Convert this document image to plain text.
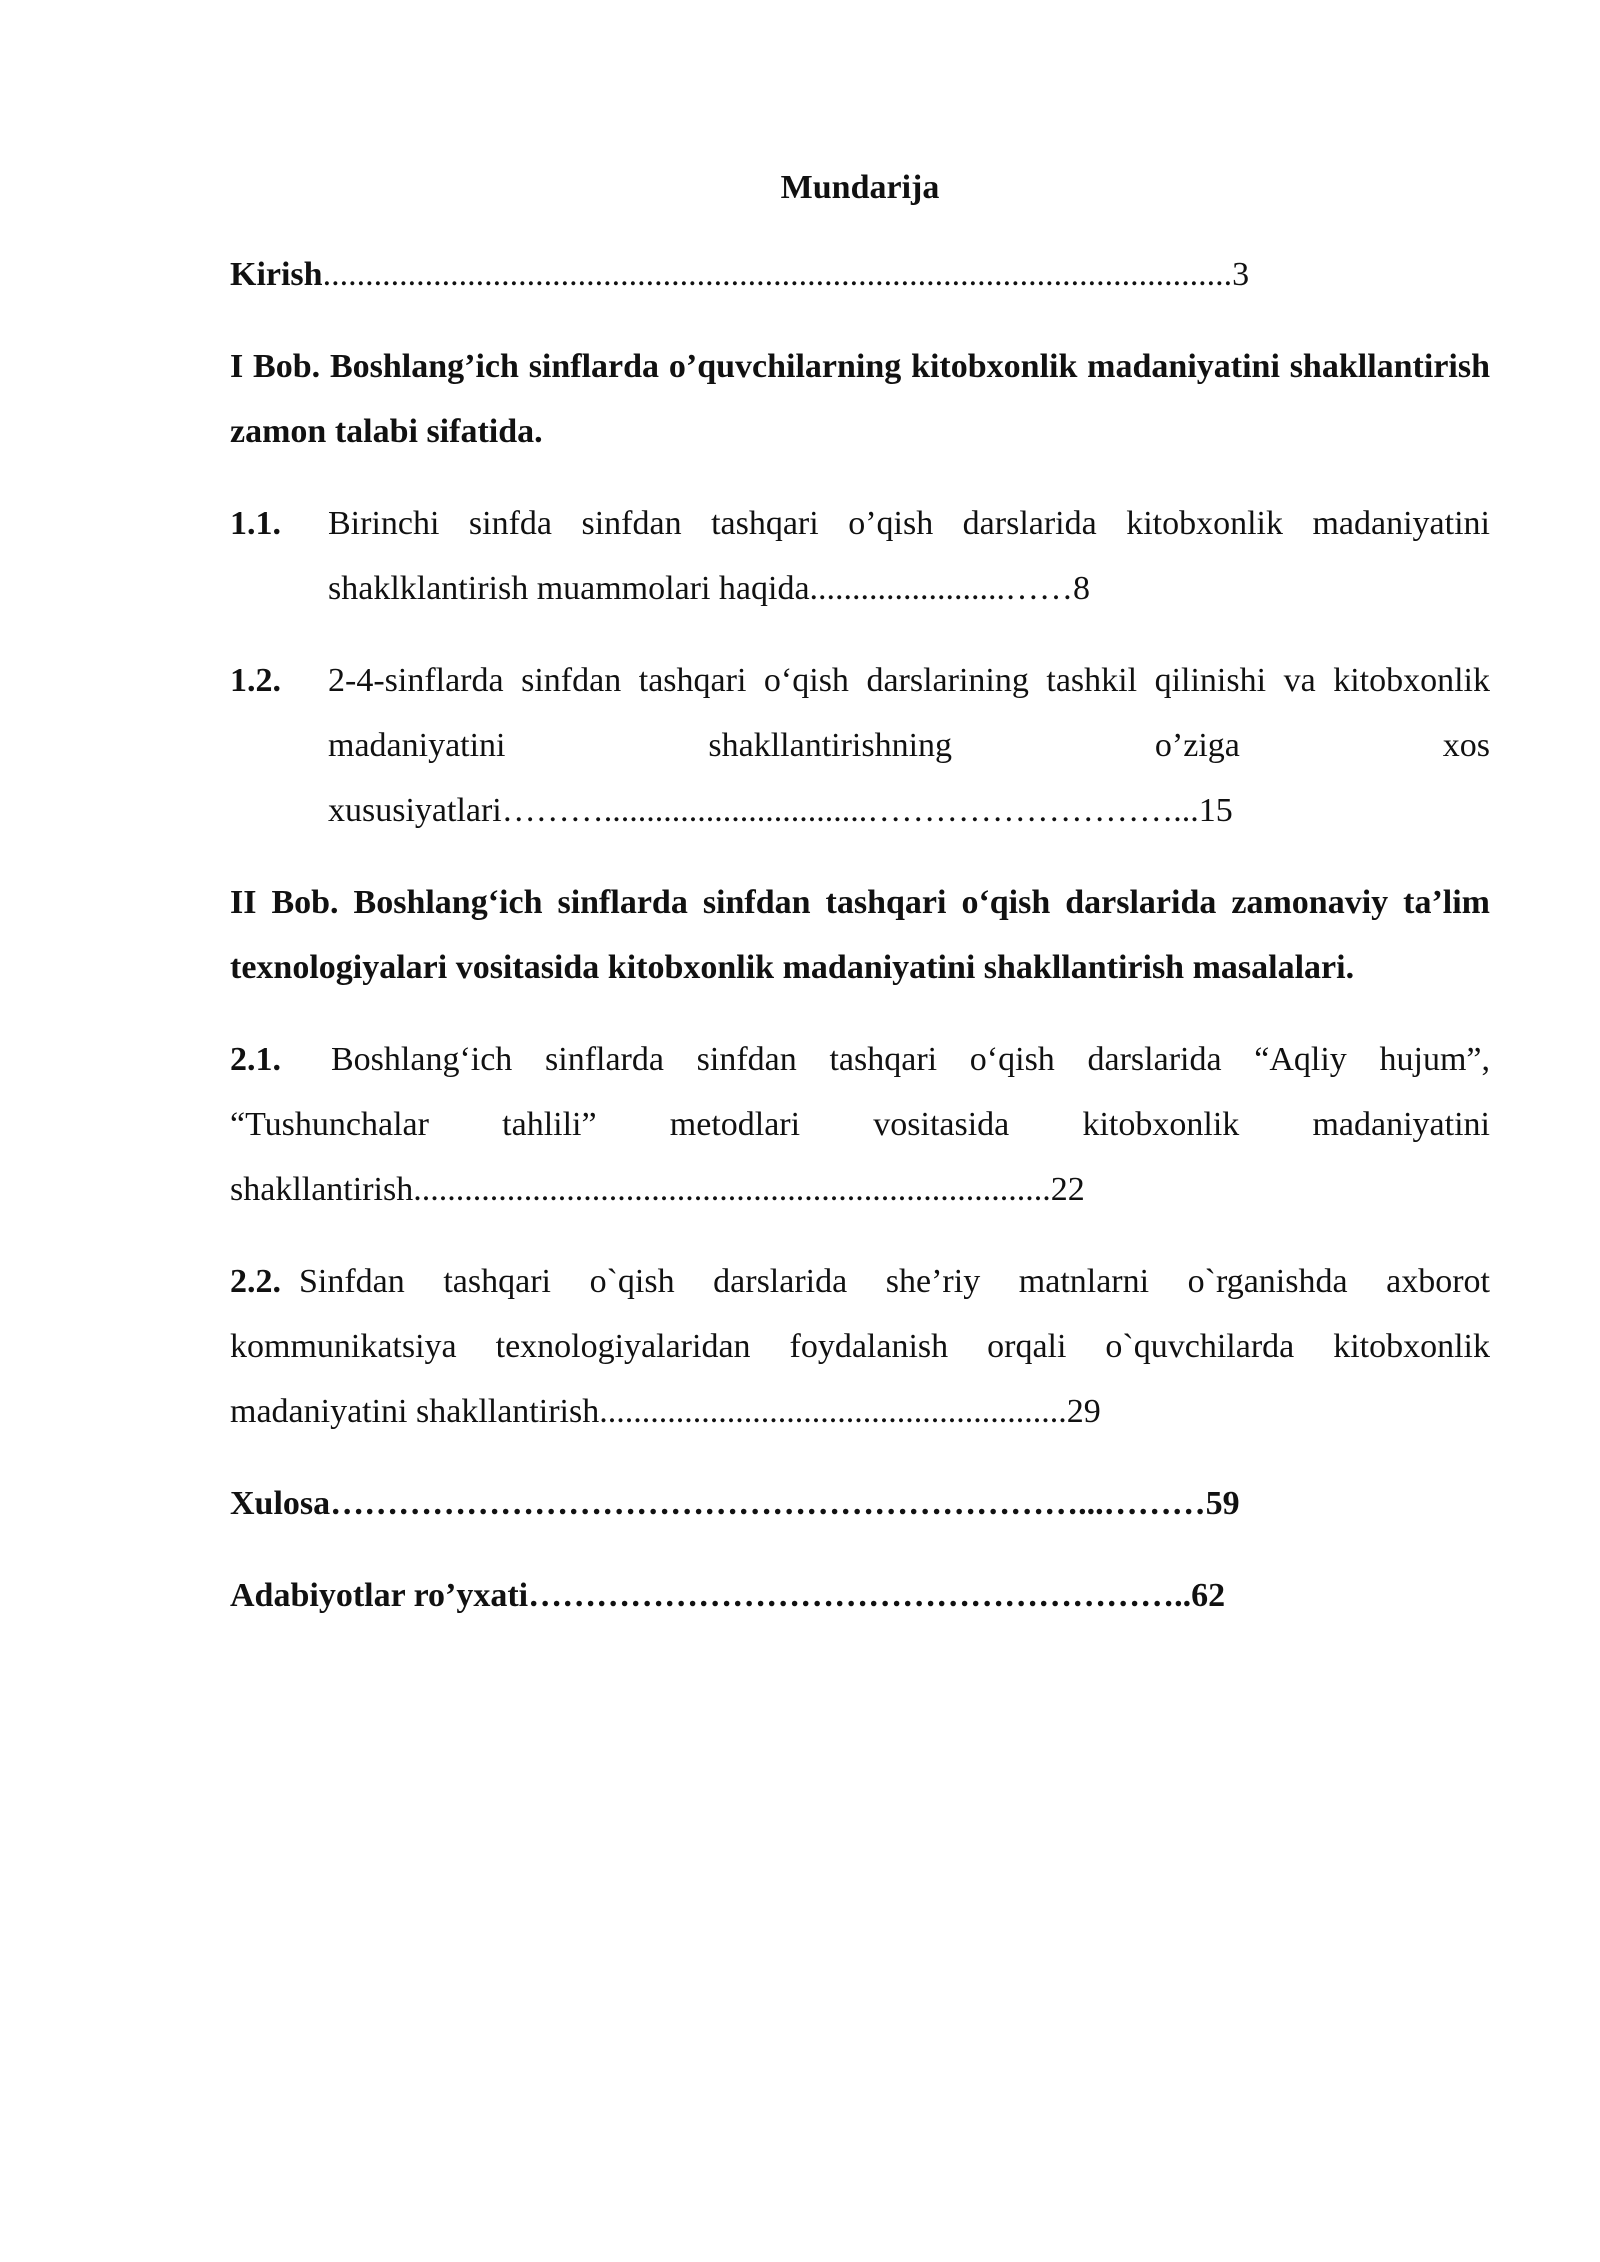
Mundarija
Kirish...........................................................................................................3
I Bob. Boshlang’ich sinflarda o’quvchilarning kitobxonlik madaniyatini shakllantirish zamon talabi sifatida.
1.1.	Birinchi sinfda sinfdan tashqari o’qish darslarida kitobxonlik madaniyatini shaklklantirish muammolari haqida.......................……8
1.2.	2-4-sinflarda sinfdan tashqari o‘qish darslarining tashkil qilinishi va kitobxonlik madaniyatini shakllantirishning o’ziga xos xususiyatlari………...............................………………………...15
II Bob. Boshlang‘ich sinflarda sinfdan tashqari o‘qish darslarida zamonaviy ta’lim texnologiyalari vositasida kitobxonlik madaniyatini shakllantirish masalalari.
2.1. Boshlang‘ich sinflarda sinfdan tashqari o‘qish darslarida “Aqliy hujum”, “Tushunchalar tahlili” metodlari vositasida kitobxonlik madaniyatini shakllantirish...........................................................................22
2.2. Sinfdan tashqari o`qish darslarida she’riy matnlarni o`rganishda axborot kommunikatsiya texnologiyalaridan foydalanish orqali o`quvchilarda kitobxonlik madaniyatini shakllantirish.......................................................29
Xulosa…………………………………………………………...………59
Adabiyotlar ro’yxati…………………………………………………..62
